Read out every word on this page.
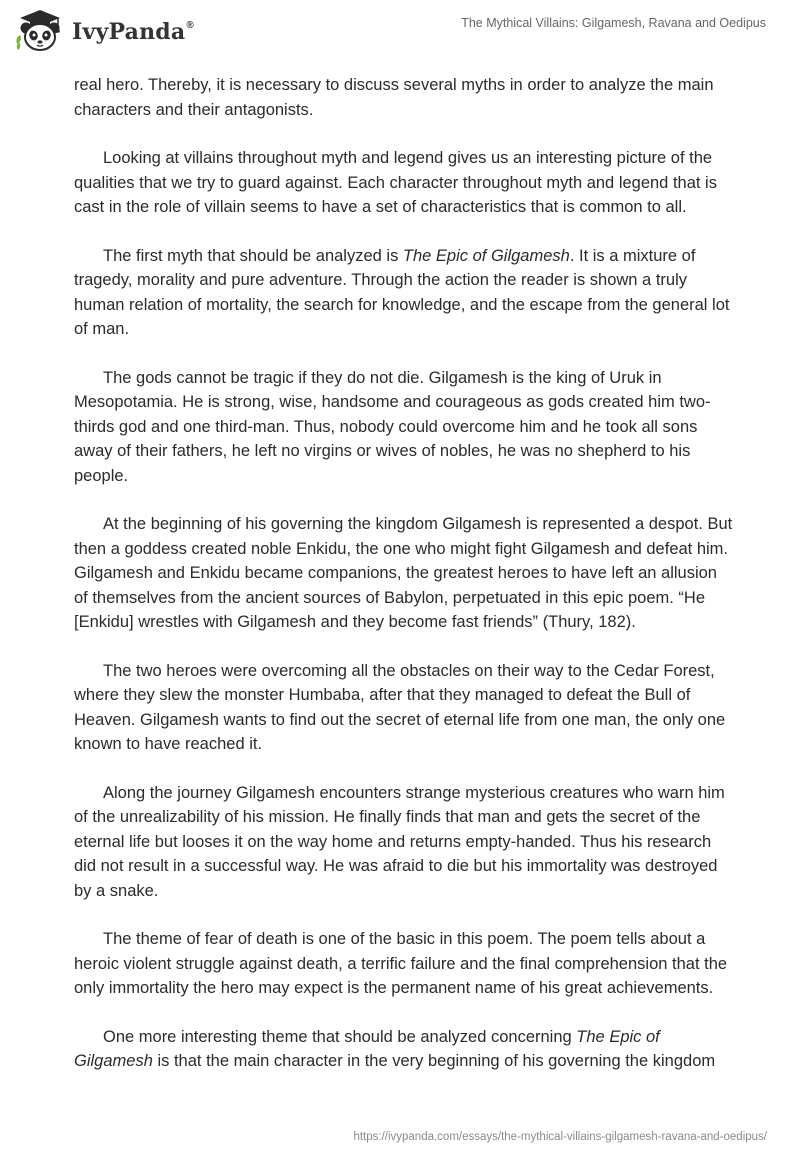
IvyPanda®	The Mythical Villains: Gilgamesh, Ravana and Oedipus

real hero. Thereby, it is necessary to discuss several myths in order to analyze the main characters and their antagonists.

Looking at villains throughout myth and legend gives us an interesting picture of the qualities that we try to guard against. Each character throughout myth and legend that is cast in the role of villain seems to have a set of characteristics that is common to all.

The first myth that should be analyzed is The Epic of Gilgamesh. It is a mixture of tragedy, morality and pure adventure. Through the action the reader is shown a truly human relation of mortality, the search for knowledge, and the escape from the general lot of man.

The gods cannot be tragic if they do not die. Gilgamesh is the king of Uruk in Mesopotamia. He is strong, wise, handsome and courageous as gods created him two-thirds god and one third-man. Thus, nobody could overcome him and he took all sons away of their fathers, he left no virgins or wives of nobles, he was no shepherd to his people.

At the beginning of his governing the kingdom Gilgamesh is represented a despot. But then a goddess created noble Enkidu, the one who might fight Gilgamesh and defeat him. Gilgamesh and Enkidu became companions, the greatest heroes to have left an allusion of themselves from the ancient sources of Babylon, perpetuated in this epic poem. “He [Enkidu] wrestles with Gilgamesh and they become fast friends” (Thury, 182).

The two heroes were overcoming all the obstacles on their way to the Cedar Forest, where they slew the monster Humbaba, after that they managed to defeat the Bull of Heaven. Gilgamesh wants to find out the secret of eternal life from one man, the only one known to have reached it.

Along the journey Gilgamesh encounters strange mysterious creatures who warn him of the unrealizability of his mission. He finally finds that man and gets the secret of the eternal life but looses it on the way home and returns empty-handed. Thus his research did not result in a successful way. He was afraid to die but his immortality was destroyed by a snake.

The theme of fear of death is one of the basic in this poem. The poem tells about a heroic violent struggle against death, a terrific failure and the final comprehension that the only immortality the hero may expect is the permanent name of his great achievements.

One more interesting theme that should be analyzed concerning The Epic of Gilgamesh is that the main character in the very beginning of his governing the kingdom

https://ivypanda.com/essays/the-mythical-villains-gilgamesh-ravana-and-oedipus/
